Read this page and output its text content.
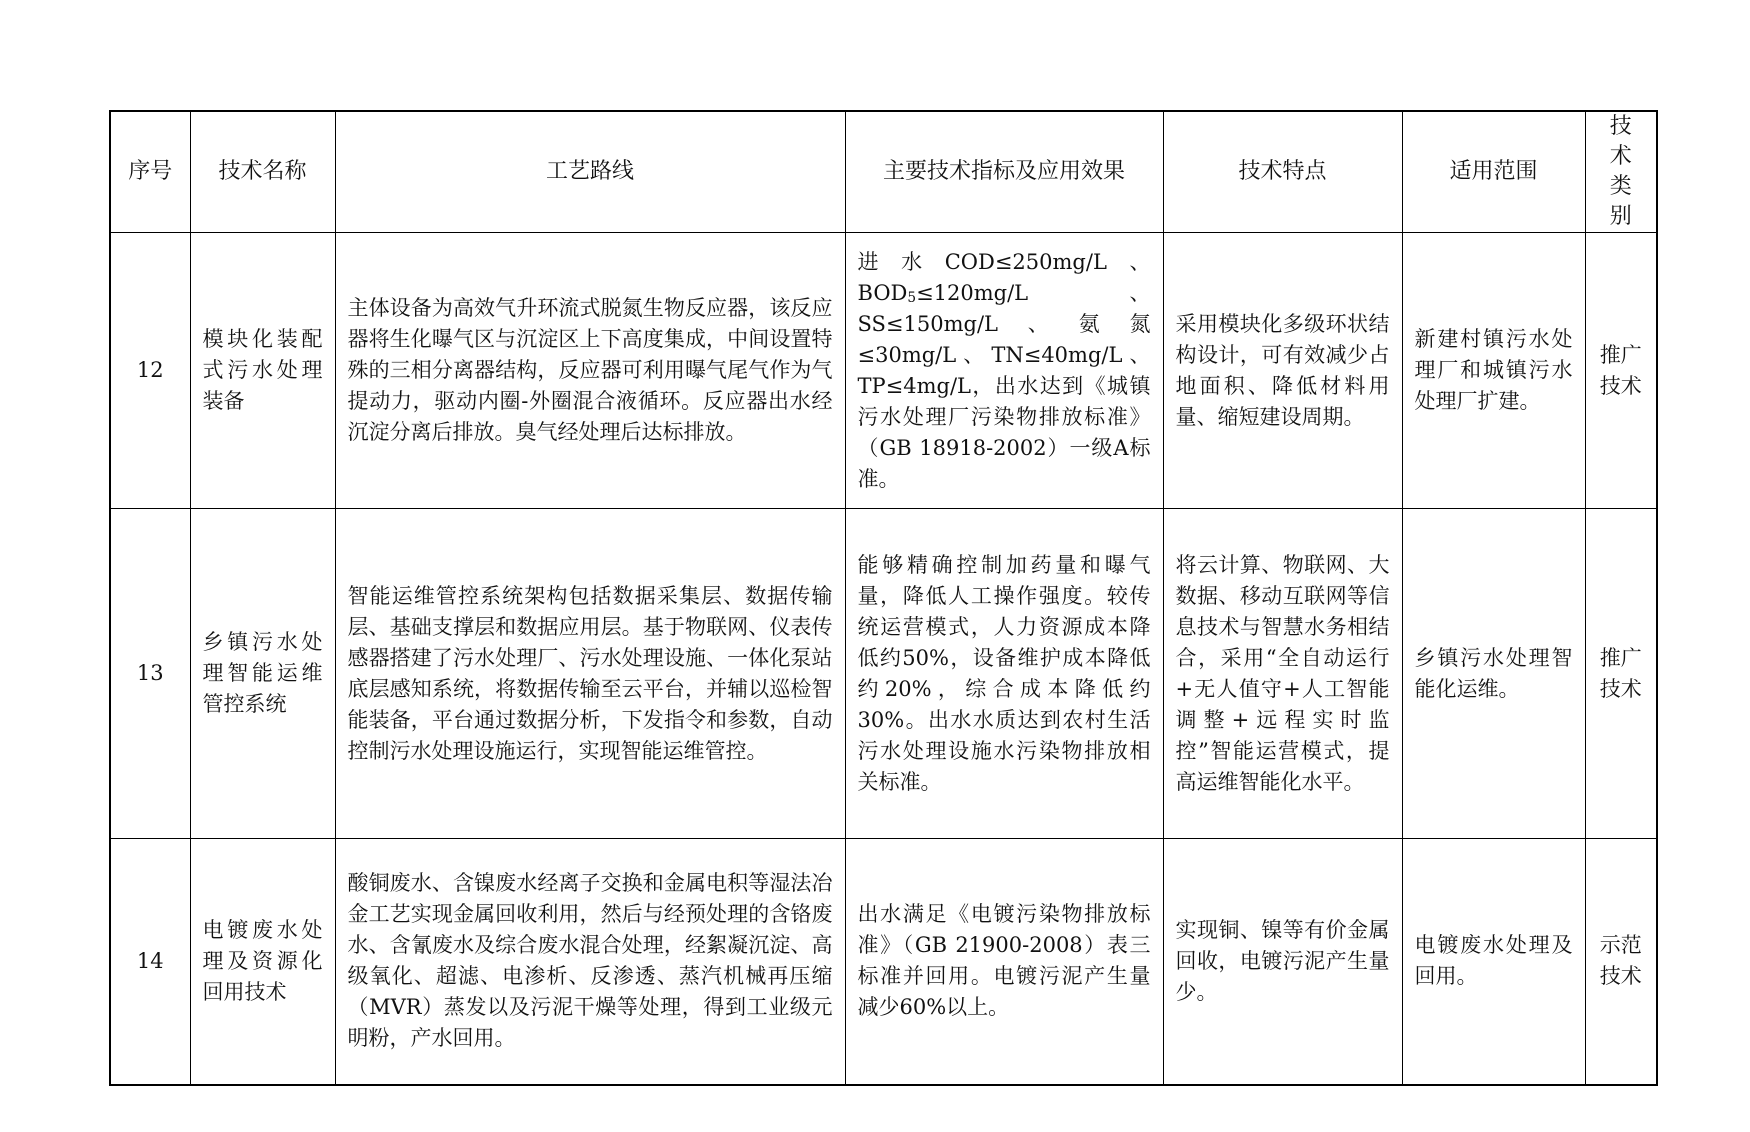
序号	技术名称	工艺路线	主要技术指标及应用效果	技术特点	适用范围	技术类别
12	模块化装配式污水处理装备	主体设备为高效气升环流式脱氮生物反应器，该反应器将生化曝气区与沉淀区上下高度集成，中间设置特殊的三相分离器结构，反应器可利用曝气尾气作为气提动力，驱动内圈-外圈混合液循环。反应器出水经沉淀分离后排放。臭气经处理后达标排放。	进水COD≤250mg/L、$BOD_5\le 120mg/L$、SS≤150mg/L、氨氮≤30mg/L、TN≤40mg/L、TP≤4mg/L，出水达到《城镇污水处理厂污染物排放标准》（GB 18918-2002）一级A标准。	采用模块化多级环状结构设计，可有效减少占地面积、降低材料用量、缩短建设周期。	新建村镇污水处理厂和城镇污水处理厂扩建。	推广技术
13	乡镇污水处理智能运维管控系统	智能运维管控系统架构包括数据采集层、数据传输层、基础支撑层和数据应用层。基于物联网、仪表传感器搭建了污水处理厂、污水处理设施、一体化泵站底层感知系统，将数据传输至云平台，并辅以巡检智能装备，平台通过数据分析，下发指令和参数，自动控制污水处理设施运行，实现智能运维管控。	能够精确控制加药量和曝气量，降低人工操作强度。较传统运营模式，人力资源成本降低约50%，设备维护成本降低约20%，综合成本降低约30%。出水水质达到农村生活污水处理设施水污染物排放相关标准。	将云计算、物联网、大数据、移动互联网等信息技术与智慧水务相结合，采用“全自动运行+无人值守+人工智能调整+远程实时监控”智能运营模式，提高运维智能化水平。	乡镇污水处理智能化运维。	推广技术
14	电镀废水处理及资源化回用技术	酸铜废水、含镍废水经离子交换和金属电积等湿法冶金工艺实现金属回收利用，然后与经预处理的含铬废水、含氰废水及综合废水混合处理，经絮凝沉淀、高级氧化、超滤、电渗析、反渗透、蒸汽机械再压缩（MVR）蒸发以及污泥干燥等处理，得到工业级元明粉，产水回用。	出水满足《电镀污染物排放标准》（GB 21900-2008）表三标准并回用。电镀污泥产生量减少60%以上。	实现铜、镍等有价金属回收，电镀污泥产生量少。	电镀废水处理及回用。	示范技术
